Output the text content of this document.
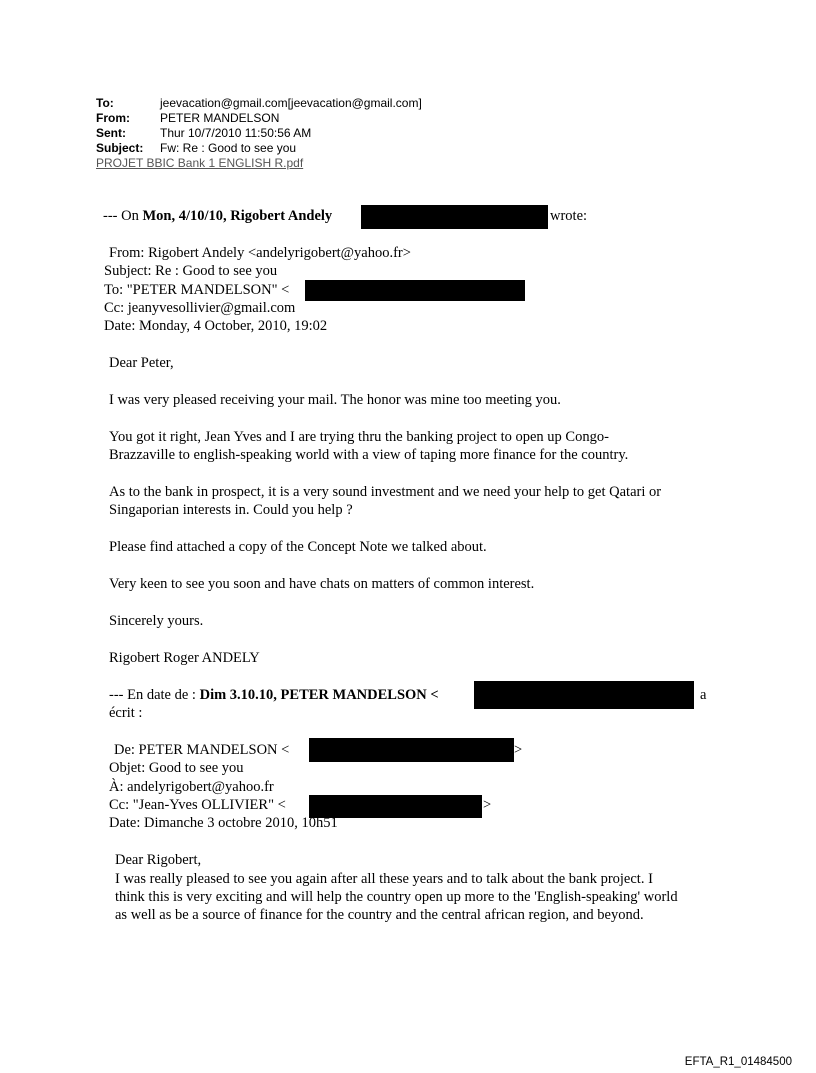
To:	jeevacation@gmail.com[jeevacation@gmail.com]
From:	PETER MANDELSON
Sent:	Thur 10/7/2010 11:50:56 AM
Subject: Fw: Re : Good to see you
PROJET BBIC Bank 1 ENGLISH R.pdf
--- On Mon, 4/10/10, Rigobert Andely	wrote:
From: Rigobert Andely <andelyrigobert@yahoo.fr>
Subject: Re : Good to see you
To: "PETER MANDELSON" <
Cc: jeanyvesollivier@gmail.com
Date: Monday, 4 October, 2010, 19:02
Dear Peter,
I was very pleased receiving your mail. The honor was mine too meeting you.
You got it right, Jean Yves and I are trying thru the banking project to open up Congo-
Brazzaville to english-speaking world with a view of taping more finance for the country.
As to the bank in prospect, it is a very sound investment and we need your help to get Qatari or
Singaporian interests in. Could you help ?
Please find attached a copy of the Concept Note we talked about.
Very keen to see you soon and have chats on matters of common interest.
Sincerely yours.
Rigobert Roger ANDELY
--- En date de : Dim 3.10.10, PETER MANDELSON <	a
écrit :
De: PETER MANDELSON <	>
Objet: Good to see you
À: andelyrigobert@yahoo.fr
Cc: "Jean-Yves OLLIVIER" <	>
Date: Dimanche 3 octobre 2010, 10h51
Dear Rigobert,
I was really pleased to see you again after all these years and to talk about the bank project. I
think this is very exciting and will help the country open up more to the 'English-speaking' world
as well as be a source of finance for the country and the central african region, and beyond.
EFTA_R1_01484500
